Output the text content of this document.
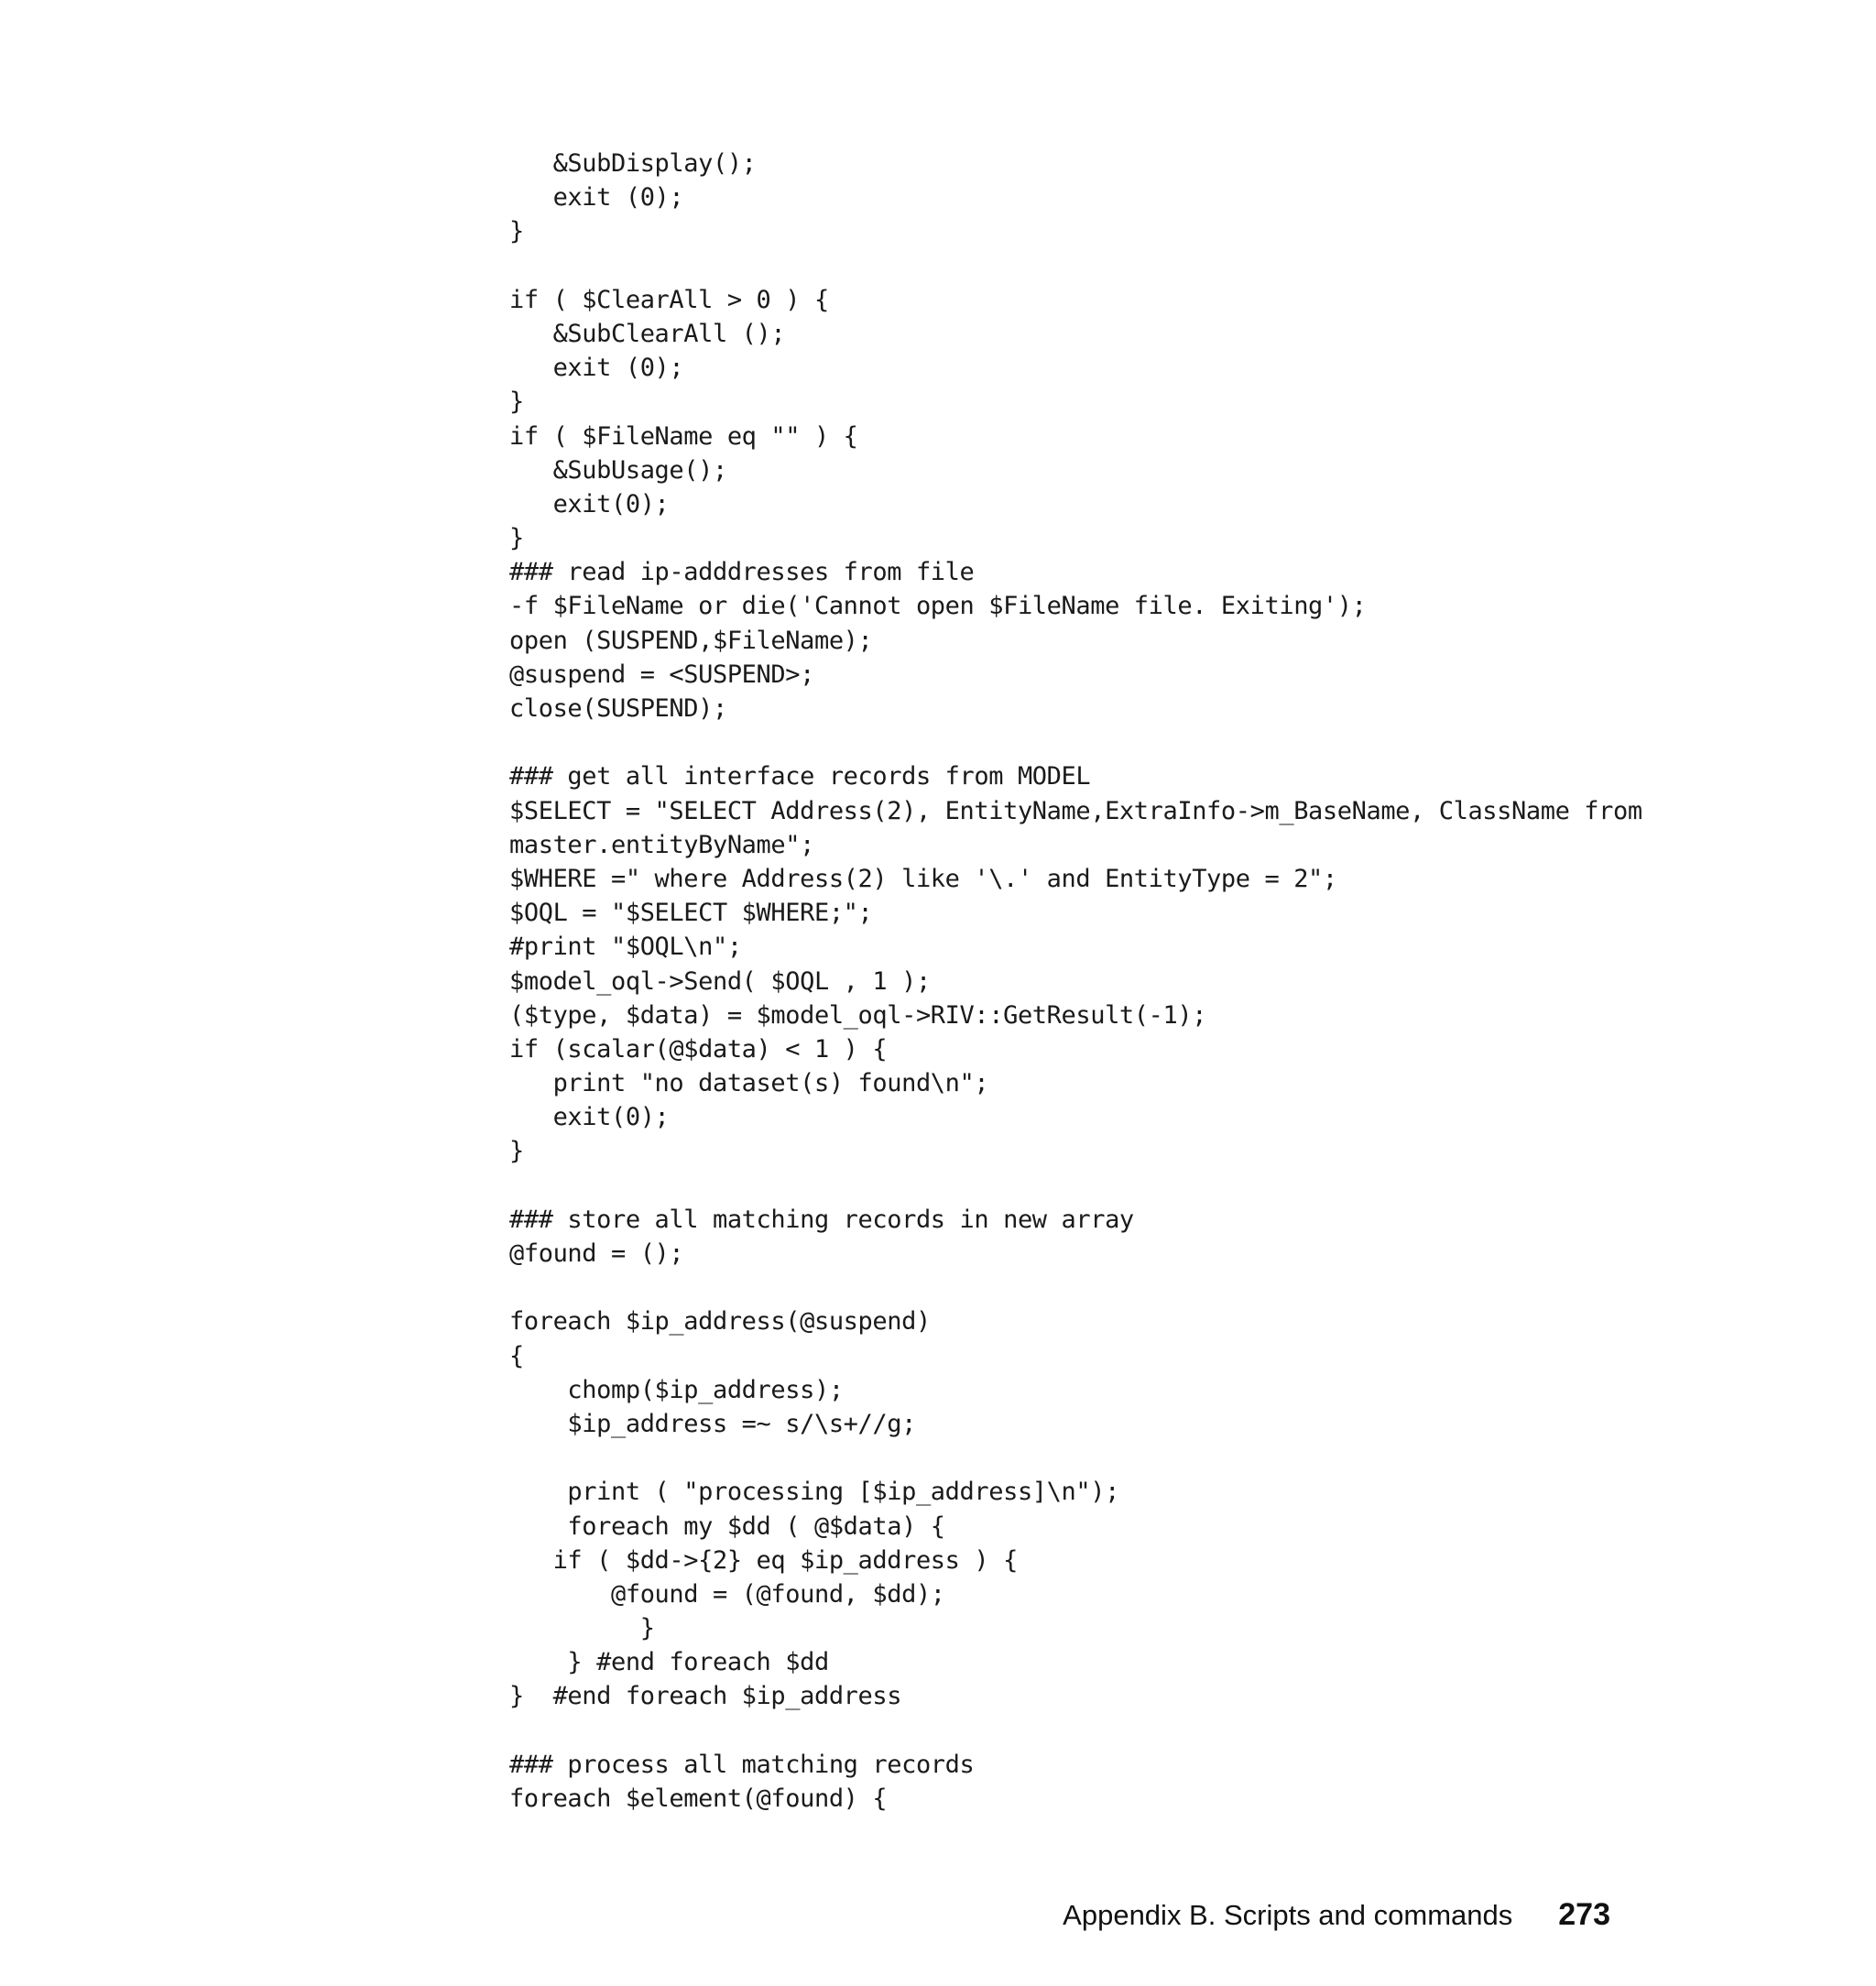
&SubDisplay();
exit (0);
}
if ( $ClearAll > 0 ) {
&SubClearAll ();
exit (0);
}
if ( $FileName eq "" ) {
&SubUsage();
exit(0);
}
### read ip-adddresses from file
-f $FileName or die('Cannot open $FileName file. Exiting');
open (SUSPEND,$FileName);
@suspend = <SUSPEND>;
close(SUSPEND);
### get all interface records from MODEL
$SELECT = "SELECT Address(2), EntityName,ExtraInfo->m_BaseName, ClassName from
master.entityByName";
$WHERE =" where Address(2) like '\.' and EntityType = 2";
$OQL = "$SELECT $WHERE;";
#print "$OQL\n";
$model_oql->Send( $OQL , 1 );
($type, $data) = $model_oql->RIV::GetResult(-1);
if (scalar(@$data) < 1 ) {
print "no dataset(s) found\n";
exit(0);
}
### store all matching records in new array
@found = ();
foreach $ip_address(@suspend)
{
chomp($ip_address);
$ip_address =~ s/\s+//g;
print ( "processing [$ip_address]\n");
foreach my $dd ( @$data) {
if ( $dd->{2} eq $ip_address ) {
@found = (@found, $dd);
}
} #end foreach $dd
}  #end foreach $ip_address
### process all matching records
foreach $element(@found) {
Appendix B. Scripts and commands 273
